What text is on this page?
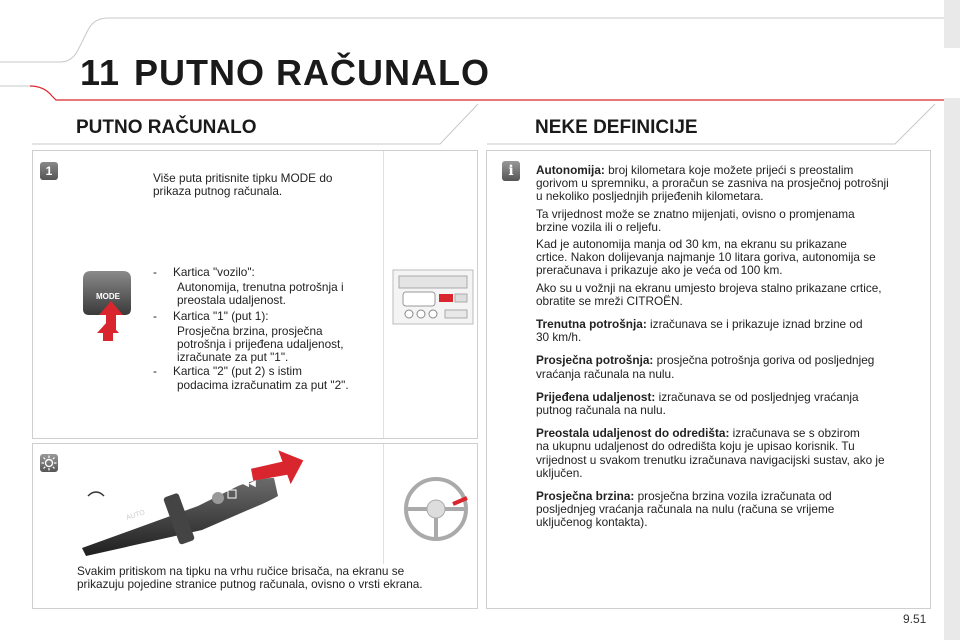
11 PUTNO RAČUNALO
PUTNO RAČUNALO	NEKE DEFINICIJE
1	Više puta pritisnite tipku MODE do

prikaza putnog računala.

MODE
-	Kartica "vozilo":
Autonomija, trenutna potrošnja i
preostala udaljenost.
-	Kartica "1" (put 1):
Prosječna brzina, prosječna
potrošnja i prijeđena udaljenost,
izračunate za put "1".
-	Kartica "2" (put 2) s istim
podacima izračunatim za put "2".
◀◀
AUTO

Svakim pritiskom na tipku na vrhu ručice brisača, na ekranu se

prikazuju pojedine stranice putnog računala, ovisno o vrsti ekrana.

i	Autonomija: broj kilometara koje možete prijeći s preostalim

gorivom u spremniku, a proračun se zasniva na prosječnoj potrošnji

u nekoliko posljednjih prijeđenih kilometara.

Ta vrijednost može se znatno mijenjati, ovisno o promjenama

brzine vozila ili o reljefu.

Kad je autonomija manja od 30 km, na ekranu su prikazane

crtice. Nakon dolijevanja najmanje 10 litara goriva, autonomija se

preračunava i prikazuje ako je veća od 100 km.

Ako su u vožnji na ekranu umjesto brojeva stalno prikazane crtice,

obratite se mreži CITROËN.

Trenutna potrošnja: izračunava se i prikazuje iznad brzine od

30 km/h.

Prosječna potrošnja: prosječna potrošnja goriva od posljednjeg

vraćanja računala na nulu.

Prijeđena udaljenost: izračunava se od posljednjeg vraćanja

putnog računala na nulu.

Preostala udaljenost do odredišta: izračunava se s obzirom

na ukupnu udaljenost do odredišta koju je upisao korisnik. Tu

vrijednost u svakom trenutku izračunava navigacijski sustav, ako je

uključen.

Prosječna brzina: prosječna brzina vozila izračunata od

posljednjeg vraćanja računala na nulu (računa se vrijeme

uključenog kontakta).

9.51
